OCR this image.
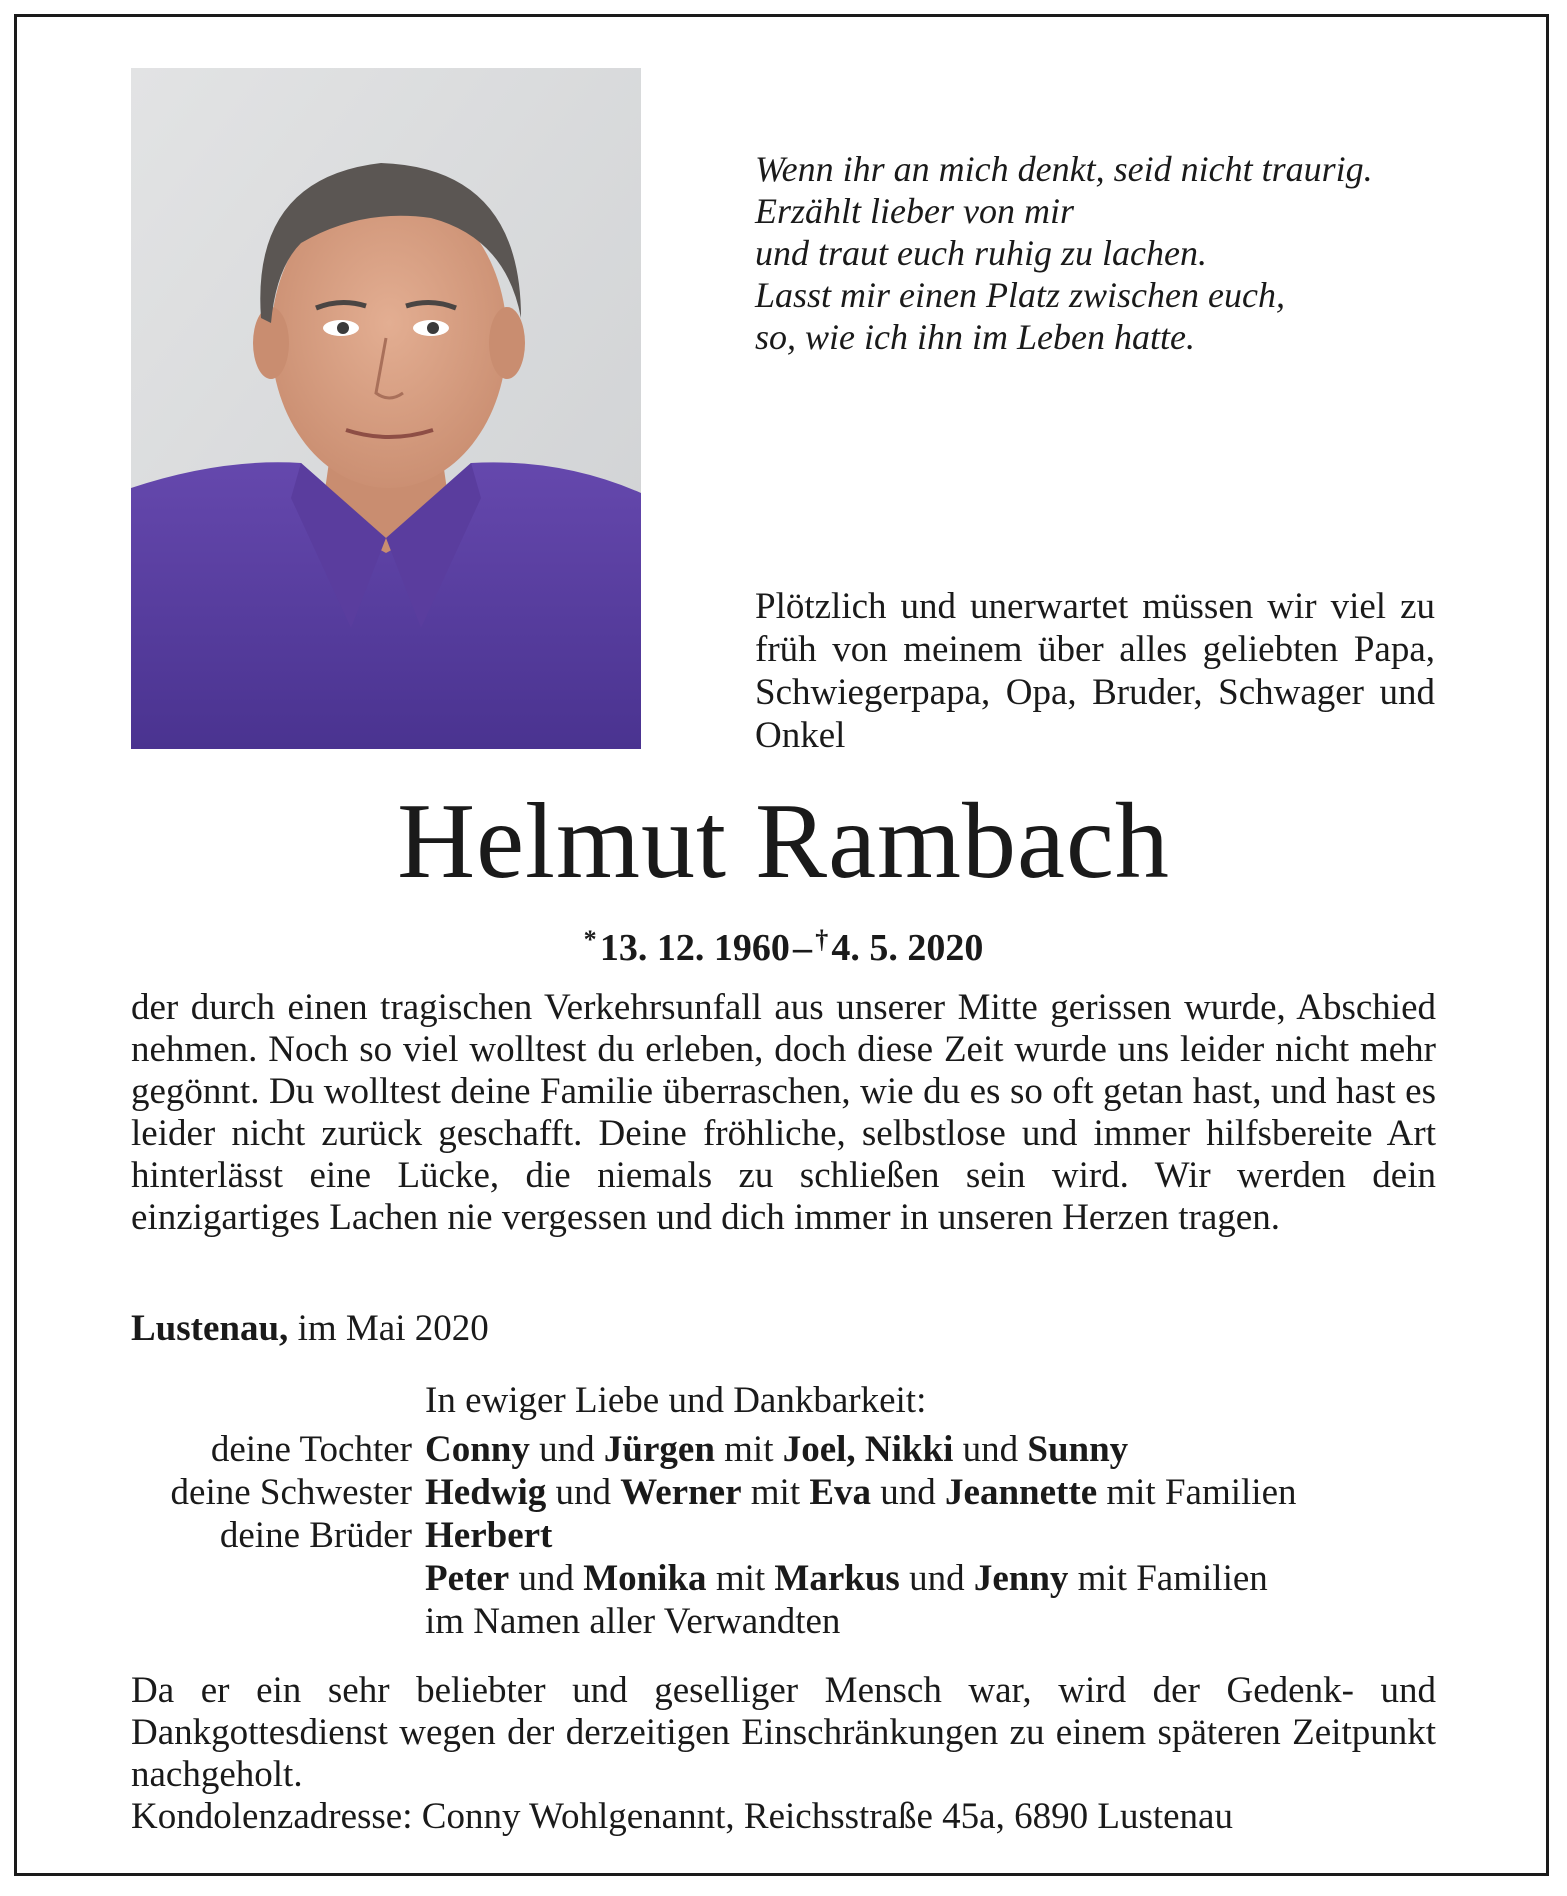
Wenn ihr an mich denkt, seid nicht traurig.
Erzählt lieber von mir
und traut euch ruhig zu lachen.
Lasst mir einen Platz zwischen euch,
so, wie ich ihn im Leben hatte.
Plötzlich und unerwartet müssen wir viel zu früh von meinem über alles geliebten Papa, Schwiegerpapa, Opa, Bruder, Schwager und Onkel
Helmut Rambach
* 13. 12. 1960 –  † 4. 5. 2020
der durch einen tragischen Verkehrsunfall aus unserer Mitte gerissen wurde, Abschied nehmen. Noch so viel wolltest du erleben, doch diese Zeit wurde uns leider nicht mehr gegönnt. Du wolltest deine Familie überraschen, wie du es so oft getan hast, und hast es leider nicht zurück geschafft. Deine fröhliche, selbstlose und immer hilfsbereite Art hinterlässt eine Lücke, die niemals zu schließen sein wird. Wir werden dein einzigartiges Lachen nie vergessen und dich immer in unseren Herzen tragen.
Lustenau, im Mai 2020
In ewiger Liebe und Dankbarkeit:
deine Tochter Conny und Jürgen mit Joel, Nikki und Sunny
deine Schwester Hedwig und Werner mit Eva und Jeannette mit Familien
deine Brüder Herbert
Peter und Monika mit Markus und Jenny mit Familien
im Namen aller Verwandten
Da er ein sehr beliebter und geselliger Mensch war, wird der Gedenk- und Dankgottesdienst wegen der derzeitigen Einschränkungen zu einem späteren Zeitpunkt nachgeholt.
Kondolenzadresse: Conny Wohlgenannt, Reichsstraße 45a, 6890 Lustenau
